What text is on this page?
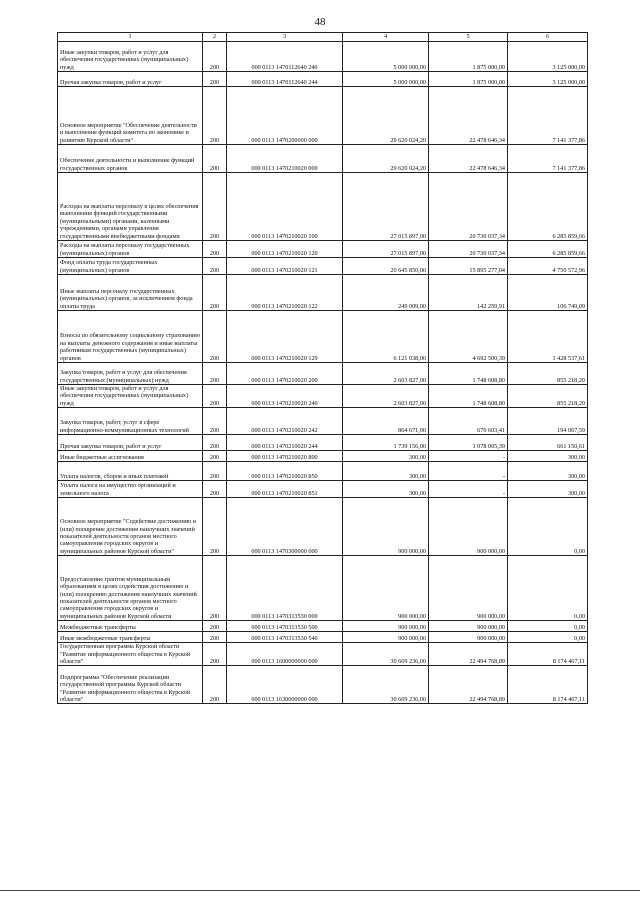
48
1	2	3	4	5	6
Иные закупки товаров, работ и услуг для обеспечения государственных (муниципальных) нужд	200	000 0113 1470112640 240	5 000 000,00	1 875 000,00	3 125 000,00
Прочая закупка товаров, работ и услуг	200	000 0113 1470112640 244	5 000 000,00	1 875 000,00	3 125 000,00
Основное мероприятие "Обеспечение деятельности и выполнение функций комитета по экономике и развитию Курской области"	200	000 0113 1470200000 000	29 620 024,20	22 478 646,34	7 141 377,86
Обеспечение деятельности и выполнение функций государственных органов	200	000 0113 1470210020 000	29 620 024,20	22 478 646,34	7 141 377,86
Расходы на выплаты персоналу в целях обеспечения выполнения функций государственными (муниципальными) органами, казенными учреждениями, органами управления государственными внебюджетными фондами	200	000 0113 1470210020 100	27 015 897,00	20 730 037,34	6 285 859,66
Расходы на выплаты персоналу государственных (муниципальных) органов	200	000 0113 1470210020 120	27 015 897,00	20 730 037,34	6 285 859,66
Фонд оплаты труда государственных (муниципальных) органов	200	000 0113 1470210020 121	20 645 850,00	15 895 277,04	4 750 572,96
Иные выплаты персоналу государственных (муниципальных) органов, за исключением фонда оплаты труда	200	000 0113 1470210020 122	249 009,00	142 259,91	106 749,09
Взносы по обязательному социальному страхованию на выплаты денежного содержания и иные выплаты работникам государственных (муниципальных) органов	200	000 0113 1470210020 129	6 121 038,00	4 692 500,39	1 428 537,61
Закупка товаров, работ и услуг для обеспечения государственных (муниципальных) нужд	200	000 0113 1470210020 200	2 603 827,00	1 748 608,80	855 218,20
Иные закупки товаров, работ и услуг для обеспечения государственных (муниципальных) нужд	200	000 0113 1470210020 240	2 603 827,00	1 748 608,80	855 218,20
Закупка товаров, работ, услуг в сфере информационно-коммуникационных технологий	200	000 0113 1470210020 242	864 671,00	670 603,41	194 067,59
Прочая закупка товаров, работ и услуг	200	000 0113 1470210020 244	1 739 156,00	1 078 005,39	661 150,61
Иные бюджетные ассигнования	200	000 0113 1470210020 800	300,00	-	300,00
Уплата налогов, сборов и иных платежей	200	000 0113 1470210020 850	300,00	-	300,00
Уплата налога на имущество организаций и земельного налога	200	000 0113 1470210020 851	300,00	-	300,00
Основное мероприятие "Содействие достижению и (или) поощрение достижения наилучших значений показателей деятельности органов местного самоуправления городских округов и муниципальных районов Курской области"	200	000 0113 1470300000 000	900 000,00	900 000,00	0,00
Предоставление грантов муниципальным образованиям в целях содействия достижению и (или) поощрению достижения наилучших значений показателей деятельности органов местного самоуправления городских округов и муниципальных районов Курской области	200	000 0113 1470313530 000	900 000,00	900 000,00	0,00
Межбюджетные трансферты	200	000 0113 1470313530 500	900 000,00	900 000,00	0,00
Иные межбюджетные трансферты	200	000 0113 1470313530 540	900 000,00	900 000,00	0,00
Государственная программа Курской области "Развитие информационного общества в Курской области"	200	000 0113 1600000000 000	30 669 236,00	22 494 768,89	8 174 467,11
Подпрограмма "Обеспечение реализации государственной программы Курской области "Развитие информационного общества в Курской области"	200	000 0113 1630000000 000	30 669 236,00	22 494 768,89	8 174 467,11
